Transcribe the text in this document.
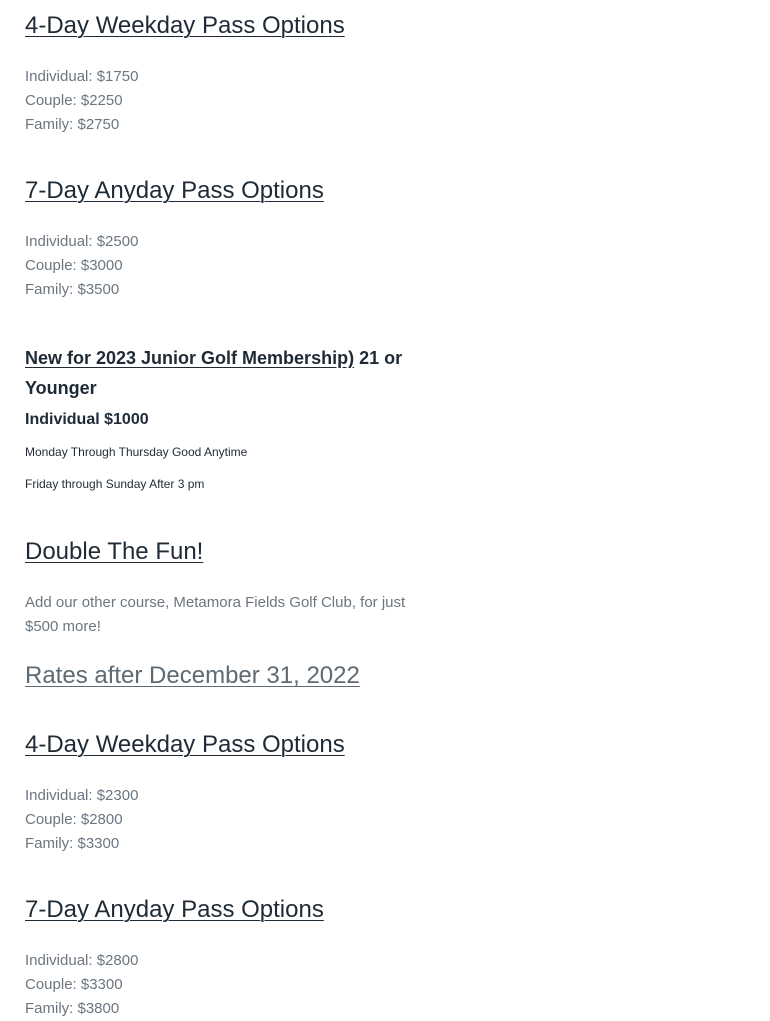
4-Day Weekday Pass Options
Individual: $1750
Couple: $2250
Family: $2750
7-Day Anyday Pass Options
Individual: $2500
Couple: $3000
Family: $3500
New for 2023 Junior Golf Membership) 21 or Younger

Individual $1000

Monday Through Thursday Good Anytime

Friday through Sunday After 3 pm

Double The Fun!

Add our other course, Metamora Fields Golf Club, for just $500 more!

Rates after December 31, 2022
4-Day Weekday Pass Options
Individual: $2300
Couple: $2800
Family: $3300
7-Day Anyday Pass Options
Individual: $2800
Couple: $3300
Family: $3800
